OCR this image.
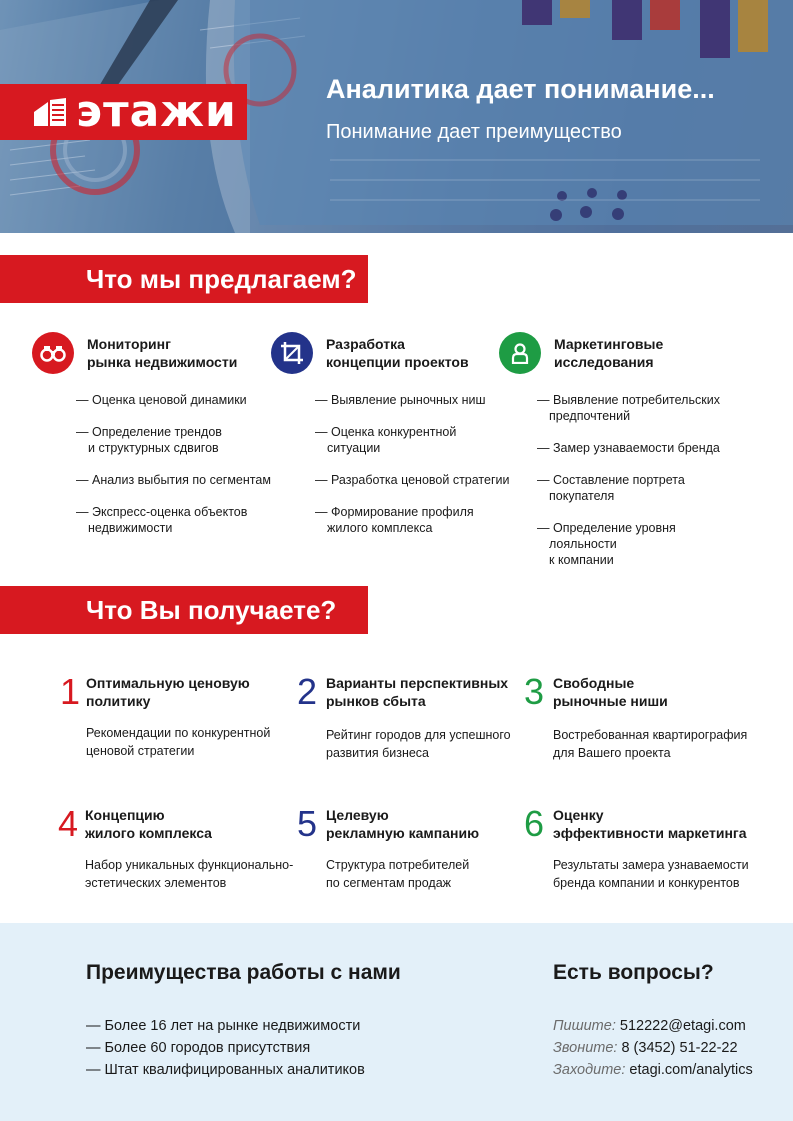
этажи	Аналитика дает понимание...
Понимание дает преимущество
Что мы предлагаем?
Мониторинг
рынка недвижимости
— Оценка ценовой динамики
— Определение трендов
и структурных сдвигов
— Анализ выбытия по сегментам
— Экспресс-оценка объектов
недвижимости
Разработка
концепции проектов
— Выявление рыночных ниш
— Оценка конкурентной ситуации
— Разработка ценовой стратегии
— Формирование профиля
жилого комплекса
Маркетинговые
исследования
— Выявление потребительских
предпочтений
— Замер узнаваемости бренда
— Составление портрета покупателя
— Определение уровня лояльности
к компании
Что Вы получаете?
1 Оптимальную ценовую
политику
Рекомендации по конкурентной
ценовой стратегии
2 Варианты перспективных
рынков сбыта
Рейтинг городов для успешного
развития бизнеса
3 Свободные
рыночные ниши
Востребованная квартирография
для Вашего проекта
4 Концепцию
жилого комплекса
Набор уникальных функционально-
эстетических элементов
5 Целевую
рекламную кампанию
Структура потребителей
по сегментам продаж
6 Оценку
эффективности маркетинга
Результаты замера узнаваемости
бренда компании и конкурентов
Преимущества работы с нами
— Более 16 лет на рынке недвижимости
— Более 60 городов присутствия
— Штат квалифицированных аналитиков
Есть вопросы?
Пишите: 512222@etagi.com
Звоните: 8 (3452) 51-22-22
Заходите: etagi.com/analytics
